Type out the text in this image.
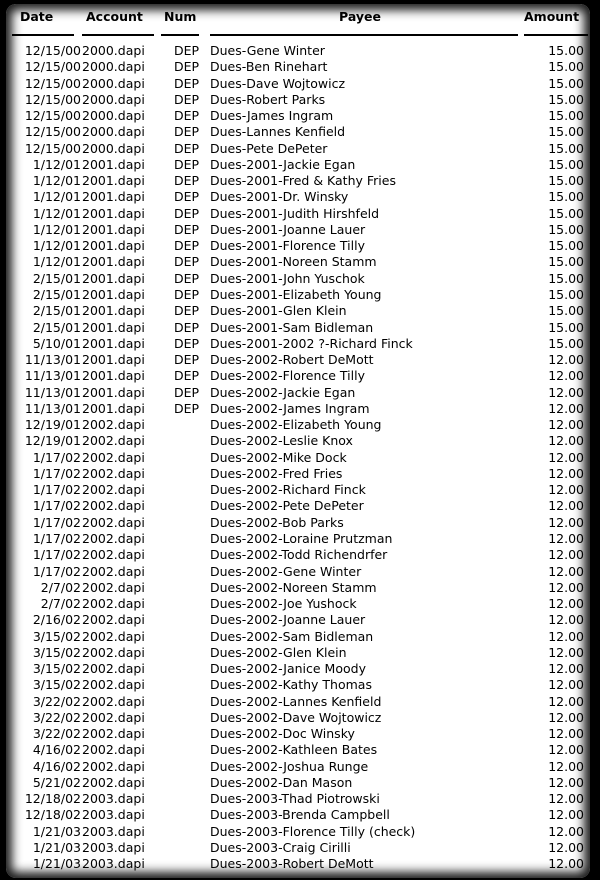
Date	Account Num	Payee	Amount
12/15/00 2000.dapi DEP Dues-Gene Winter	15.00
12/15/00 2000.dapi DEP Dues-Ben Rinehart	15.00
12/15/00 2000.dapi DEP Dues-Dave Wojtowicz	15.00
12/15/00 2000.dapi DEP Dues-Robert Parks	15.00
12/15/00 2000.dapi DEP Dues-James Ingram	15.00
12/15/00 2000.dapi DEP Dues-Lannes Kenfield	15.00
12/15/00 2000.dapi DEP Dues-Pete DePeter	15.00
1/12/01 2001.dapi DEP Dues-2001-Jackie Egan	15.00
1/12/01 2001.dapi DEP Dues-2001-Fred & Kathy Fries	15.00
1/12/01 2001.dapi DEP Dues-2001-Dr. Winsky	15.00
1/12/01 2001.dapi DEP Dues-2001-Judith Hirshfeld	15.00
1/12/01 2001.dapi DEP Dues-2001-Joanne Lauer	15.00
1/12/01 2001.dapi DEP Dues-2001-Florence Tilly	15.00
1/12/01 2001.dapi DEP Dues-2001-Noreen Stamm	15.00
2/15/01 2001.dapi DEP Dues-2001-John Yuschok	15.00
2/15/01 2001.dapi DEP Dues-2001-Elizabeth Young	15.00
2/15/01 2001.dapi DEP Dues-2001-Glen Klein	15.00
2/15/01 2001.dapi DEP Dues-2001-Sam Bidleman	15.00
5/10/01 2001.dapi DEP Dues-2001-2002 ?-Richard Finck	15.00
11/13/01 2001.dapi DEP Dues-2002-Robert DeMott	12.00
11/13/01 2001.dapi DEP Dues-2002-Florence Tilly	12.00
11/13/01 2001.dapi DEP Dues-2002-Jackie Egan	12.00
11/13/01 2001.dapi DEP Dues-2002-James Ingram	12.00
12/19/01 2002.dapi	Dues-2002-Elizabeth Young	12.00
12/19/01 2002.dapi	Dues-2002-Leslie Knox	12.00
1/17/02 2002.dapi	Dues-2002-Mike Dock	12.00
1/17/02 2002.dapi	Dues-2002-Fred Fries	12.00
1/17/02 2002.dapi	Dues-2002-Richard Finck	12.00
1/17/02 2002.dapi	Dues-2002-Pete DePeter	12.00
1/17/02 2002.dapi	Dues-2002-Bob Parks	12.00
1/17/02 2002.dapi	Dues-2002-Loraine Prutzman	12.00
1/17/02 2002.dapi	Dues-2002-Todd Richendrfer	12.00
1/17/02 2002.dapi	Dues-2002-Gene Winter	12.00
2/7/02 2002.dapi	Dues-2002-Noreen Stamm	12.00
2/7/02 2002.dapi	Dues-2002-Joe Yushock	12.00
2/16/02 2002.dapi	Dues-2002-Joanne Lauer	12.00
3/15/02 2002.dapi	Dues-2002-Sam Bidleman	12.00
3/15/02 2002.dapi	Dues-2002-Glen Klein	12.00
3/15/02 2002.dapi	Dues-2002-Janice Moody	12.00
3/15/02 2002.dapi	Dues-2002-Kathy Thomas	12.00
3/22/02 2002.dapi	Dues-2002-Lannes Kenfield	12.00
3/22/02 2002.dapi	Dues-2002-Dave Wojtowicz	12.00
3/22/02 2002.dapi	Dues-2002-Doc Winsky	12.00
4/16/02 2002.dapi	Dues-2002-Kathleen Bates	12.00
4/16/02 2002.dapi	Dues-2002-Joshua Runge	12.00
5/21/02 2002.dapi	Dues-2002-Dan Mason	12.00
12/18/02 2003.dapi	Dues-2003-Thad Piotrowski	12.00
12/18/02 2003.dapi	Dues-2003-Brenda Campbell	12.00
1/21/03 2003.dapi	Dues-2003-Florence Tilly (check)	12.00
1/21/03 2003.dapi	Dues-2003-Craig Cirilli	12.00
1/21/03 2003.dapi	Dues-2003-Robert DeMott	12.00
